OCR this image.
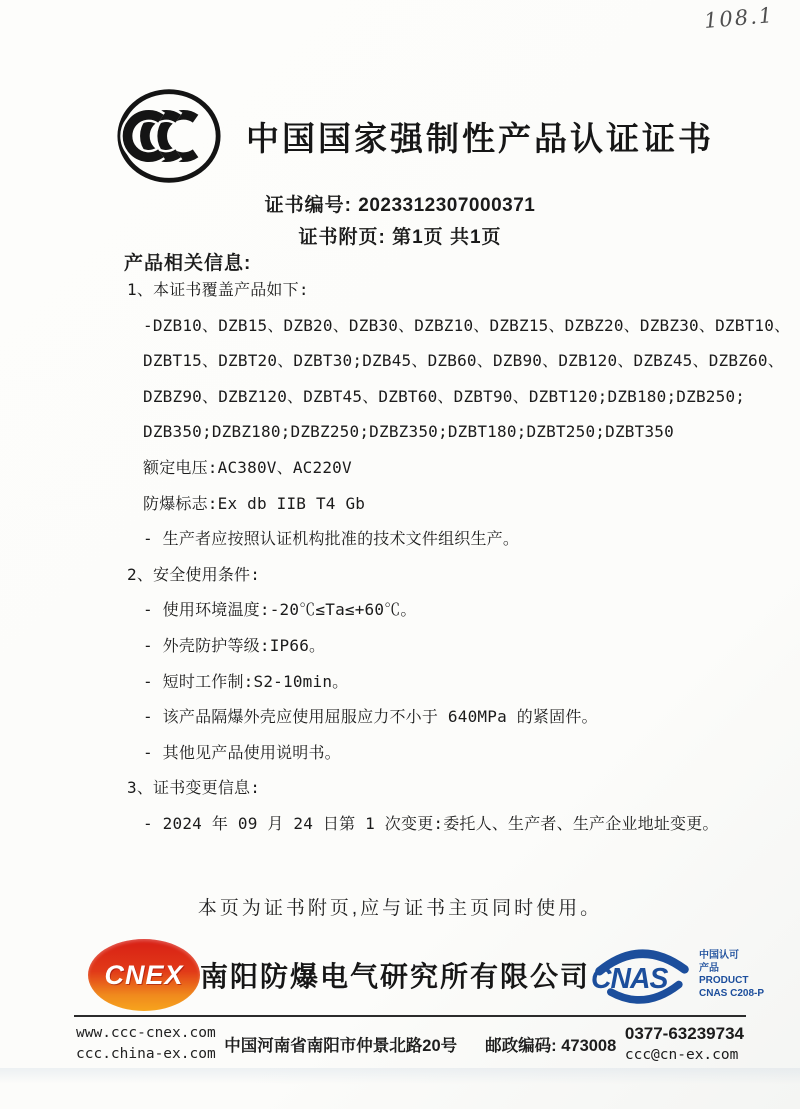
108.1
中国国家强制性产品认证证书
证书编号: 2023312307000371
证书附页: 第1页 共1页
产品相关信息:

1、本证书覆盖产品如下:

-DZB10、DZB15、DZB20、DZB30、DZBZ10、DZBZ15、DZBZ20、DZBZ30、DZBT10、

DZBT15、DZBT20、DZBT30;DZB45、DZB60、DZB90、DZB120、DZBZ45、DZBZ60、

DZBZ90、DZBZ120、DZBT45、DZBT60、DZBT90、DZBT120;DZB180;DZB250;

DZB350;DZBZ180;DZBZ250;DZBZ350;DZBT180;DZBT250;DZBT350

额定电压:AC380V、AC220V

防爆标志:Ex db IIB T4 Gb

- 生产者应按照认证机构批准的技术文件组织生产。

2、安全使用条件:

- 使用环境温度:-20℃≤Ta≤+60℃。

- 外壳防护等级:IP66。

- 短时工作制:S2-10min。

- 该产品隔爆外壳应使用屈服应力不小于 640MPa 的紧固件。

- 其他见产品使用说明书。

3、证书变更信息:

- 2024 年 09 月 24 日第 1 次变更:委托人、生产者、生产企业地址变更。

本页为证书附页,应与证书主页同时使用。
CNEX 南阳防爆电气研究所有限公司 CNAS
中国认可
产品
PRODUCT
CNAS C208-P
www.ccc-cnex.com
ccc.china-ex.com 中国河南省南阳市仲景北路20号 邮政编码: 473008
0377-63239734
ccc@cn-ex.com
